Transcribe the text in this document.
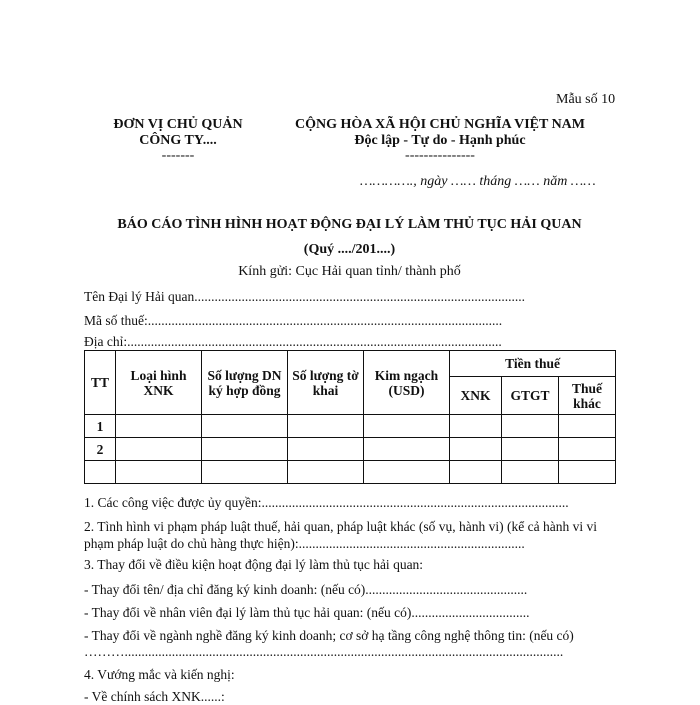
Mẫu số 10
ĐƠN VỊ CHỦ QUẢN
CÔNG TY....
-------
CỘNG HÒA XÃ HỘI CHỦ NGHĨA VIỆT NAM
Độc lập - Tự do - Hạnh phúc
---------------
…………., ngày …… tháng …… năm ……
BÁO CÁO TÌNH HÌNH HOẠT ĐỘNG ĐẠI LÝ LÀM THỦ TỤC HẢI QUAN
(Quý ..../201....)
Kính gửi: Cục Hải quan tỉnh/ thành phố
Tên Đại lý Hải quan..................................................................................................
Mã số thuế:.........................................................................................................
Địa chỉ:...............................................................................................................
TT	Loại hình XNK	Số lượng DN ký hợp đồng	Số lượng tờ khai	Kim ngạch (USD)	Tiền thuế		
					XNK	GTGT	Thuế khác
1							
2							

1. Các công việc được ủy quyền:...........................................................................................
2. Tình hình vi phạm pháp luật thuế, hải quan, pháp luật khác (số vụ, hành vi) (kể cả hành vi vi phạm pháp luật do chủ hàng thực hiện):...................................................................
3. Thay đổi về điều kiện hoạt động đại lý làm thủ tục hải quan:
- Thay đổi tên/ địa chỉ đăng ký kinh doanh: (nếu có)................................................
- Thay đổi về nhân viên đại lý làm thủ tục hải quan: (nếu có)...................................
- Thay đổi về ngành nghề đăng ký kinh doanh; cơ sở hạ tầng công nghệ thông tin: (nếu có)
………..................................................................................................................................
4. Vướng mắc và kiến nghị:
- Về chính sách XNK......:
